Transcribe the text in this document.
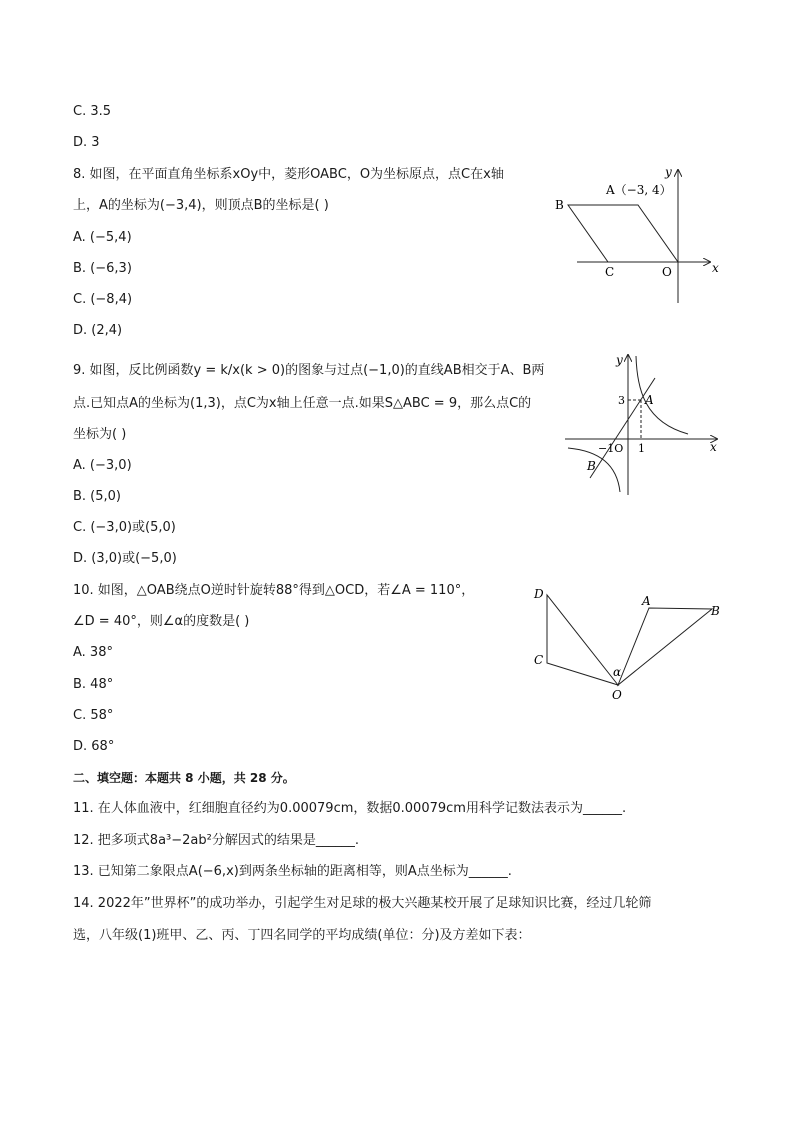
C. 3.5
D. 3
8. 如图，在平面直角坐标系xOy中，菱形OABC，O为坐标原点，点C在x轴
上，A的坐标为(−3,4)，则顶点B的坐标是( )
A. (−5,4)
B. (−6,3)
C. (−8,4)
D. (2,4)
y
x
A（−3, 4）
B
C	O
9. 如图，反比例函数y = k/x(k > 0)的图象与过点(−1,0)的直线AB相交于A、B两
点.已知点A的坐标为(1,3)，点C为x轴上任意一点.如果S△ABC = 9，那么点C的
坐标为( )
A. (−3,0)
B. (5,0)
C. (−3,0)或(5,0)
D. (3,0)或(−5,0)
y
x
A
B
3
1
−1O
10. 如图，△OAB绕点O逆时针旋转88°得到△OCD，若∠A = 110°，
∠D = 40°，则∠α的度数是( )
A. 38°
B. 48°
C. 58°
D. 68°
D
C
A
B
O
α
二、填空题：本题共 8 小题，共 28 分。
11. 在人体血液中，红细胞直径约为0.00079cm，数据0.00079cm用科学记数法表示为______.
12. 把多项式8a³−2ab²分解因式的结果是______.
13. 已知第二象限点A(−6,x)到两条坐标轴的距离相等，则A点坐标为______.
14. 2022年”世界杯”的成功举办，引起学生对足球的极大兴趣某校开展了足球知识比赛，经过几轮筛
选，八年级(1)班甲、乙、丙、丁四名同学的平均成绩(单位：分)及方差如下表：
